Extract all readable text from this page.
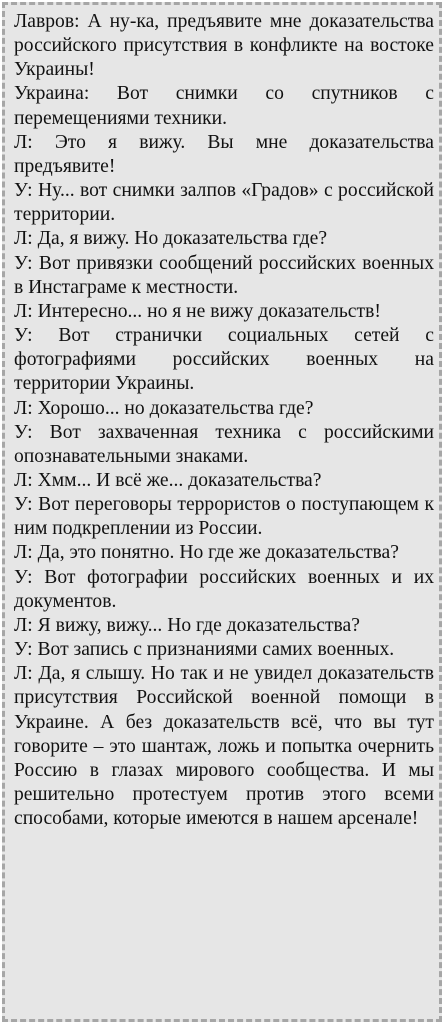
Лавров: А ну-ка, предъявите мне доказательства российского присутствия в конфликте на востоке Украины!

Украина: Вот снимки со спутников с перемещениями техники.

Л: Это я вижу. Вы мне доказательства предъявите!

У: Ну... вот снимки залпов «Градов» с российской территории.

Л: Да, я вижу. Но доказательства где?

У: Вот привязки сообщений российских военных в Инстаграме к местности.

Л: Интересно... но я не вижу доказательств!

У: Вот странички социальных сетей с фотографиями российских военных на территории Украины.

Л: Хорошо... но доказательства где?

У: Вот захваченная техника с российскими опознавательными знаками.

Л: Хмм... И всё же... доказательства?

У: Вот переговоры террористов о поступающем к ним подкреплении из России.

Л: Да, это понятно. Но где же доказательства?

У: Вот фотографии российских военных и их документов.

Л: Я вижу, вижу... Но где доказательства?

У: Вот запись с признаниями самих военных.

Л: Да, я слышу. Но так и не увидел доказательств присутствия Российской военной помощи в Украине. А без доказательств всё, что вы тут говорите – это шантаж, ложь и попытка очернить Россию в глазах мирового сообщества. И мы решительно протестуем против этого всеми способами, которые имеются в нашем арсенале!
